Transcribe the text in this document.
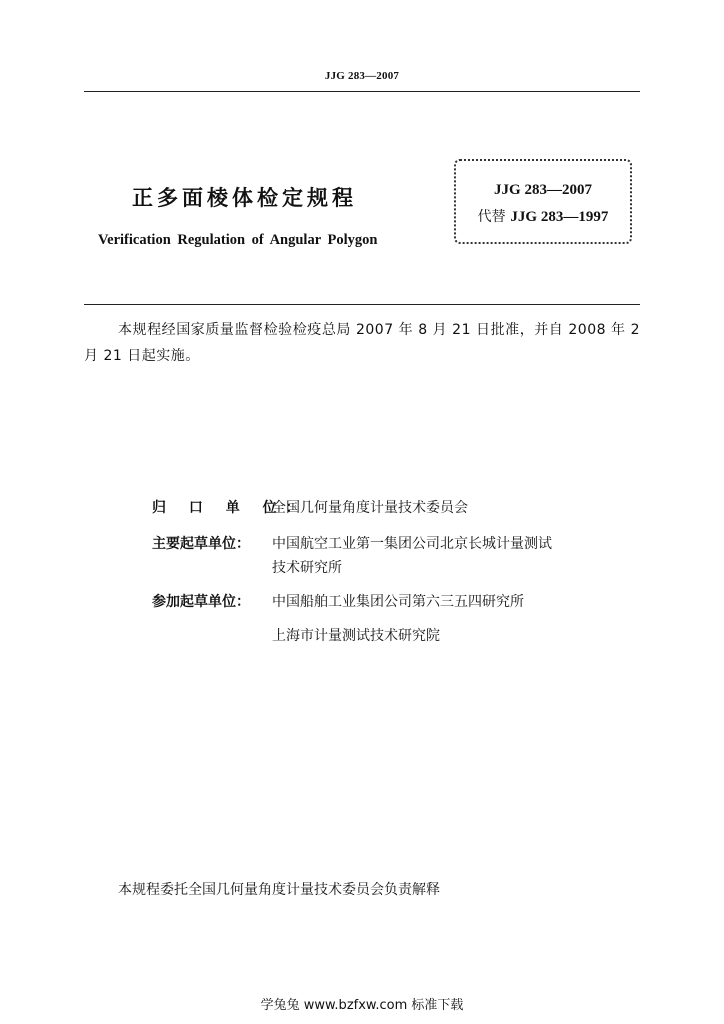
JJG 283—2007
正多面棱体检定规程
Verification Regulation of Angular Polygon
JJG 283—2007
代替 JJG 283—1997
本规程经国家质量监督检验检疫总局 2007 年 8 月 21 日批准，并自 2008 年 2 月 21 日起实施。
归 口 单 位：
全国几何量角度计量技术委员会
主要起草单位：	中国航空工业第一集团公司北京长城计量测试
技术研究所
参加起草单位：	中国船舶工业集团公司第六三五四研究所
上海市计量测试技术研究院
本规程委托全国几何量角度计量技术委员会负责解释
学兔兔 www.bzfxw.com 标准下载
